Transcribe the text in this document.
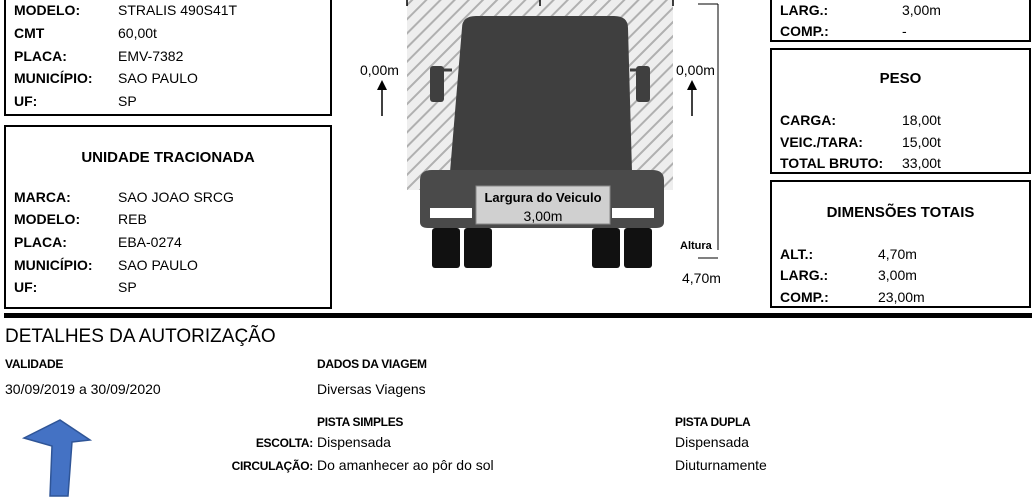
MODELO:	STRALIS 490S41T
CMT	60,00t
PLACA:	EMV-7382
MUNICÍPIO: SAO PAULO
UF:	SP
UNIDADE TRACIONADA
MARCA:	SAO JOAO SRCG
MODELO:	REB
PLACA:	EBA-0274
MUNICÍPIO: SAO PAULO
UF:	SP
0,00m	0,00m
Largura do Veiculo
3,00m
Altura
4,70m
LARG.:	3,00m
COMP.:	-
PESO
CARGA:	18,00t
VEIC./TARA:	15,00t
TOTAL BRUTO: 33,00t
DIMENSÕES TOTAIS
ALT.:	4,70m
LARG.:	3,00m
COMP.:	23,00m
DETALHES DA AUTORIZAÇÃO
VALIDADE
30/09/2019 a 30/09/2020
DADOS DA VIAGEM
Diversas Viagens
PISTA SIMPLES	PISTA DUPLA
ESCOLTA: Dispensada	Dispensada
CIRCULAÇÃO: Do amanhecer ao pôr do sol	Diuturnamente
